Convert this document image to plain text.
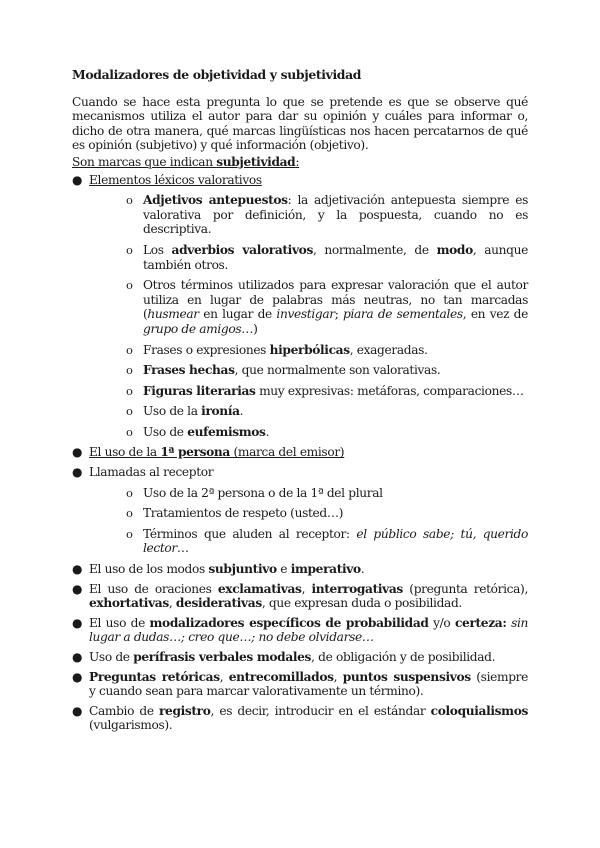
Modalizadores de objetividad y subjetividad

Cuando se hace esta pregunta lo que se pretende es que se observe qué mecanismos utiliza el autor para dar su opinión y cuáles para informar o, dicho de otra manera, qué marcas lingüísticas nos hacen percatarnos de qué es opinión (subjetivo) y qué información (objetivo).

Son marcas que indican subjetividad:

● Elementos léxicos valorativos
o Adjetivos antepuestos: la adjetivación antepuesta siempre es valorativa por definición, y la pospuesta, cuando no es descriptiva.
o Los adverbios valorativos, normalmente, de modo, aunque también otros.
o Otros términos utilizados para expresar valoración que el autor utiliza en lugar de palabras más neutras, no tan marcadas (husmear en lugar de investigar; piara de sementales, en vez de grupo de amigos…)
o Frases o expresiones hiperbólicas, exageradas.
o Frases hechas, que normalmente son valorativas.
o Figuras literarias muy expresivas: metáforas, comparaciones…
o Uso de la ironía.
o Uso de eufemismos.
● El uso de la 1ª persona (marca del emisor)
● Llamadas al receptor
o Uso de la 2ª persona o de la 1ª del plural
o Tratamientos de respeto (usted…)
o Términos que aluden al receptor: el público sabe; tú, querido lector…
● El uso de los modos subjuntivo e imperativo.
● El uso de oraciones exclamativas, interrogativas (pregunta retórica), exhortativas, desiderativas, que expresan duda o posibilidad.
● El uso de modalizadores específicos de probabilidad y/o certeza: sin lugar a dudas…; creo que…; no debe olvidarse…
● Uso de perífrasis verbales modales, de obligación y de posibilidad.
● Preguntas retóricas, entrecomillados, puntos suspensivos (siempre y cuando sean para marcar valorativamente un término).
● Cambio de registro, es decir, introducir en el estándar coloquialismos (vulgarismos).
